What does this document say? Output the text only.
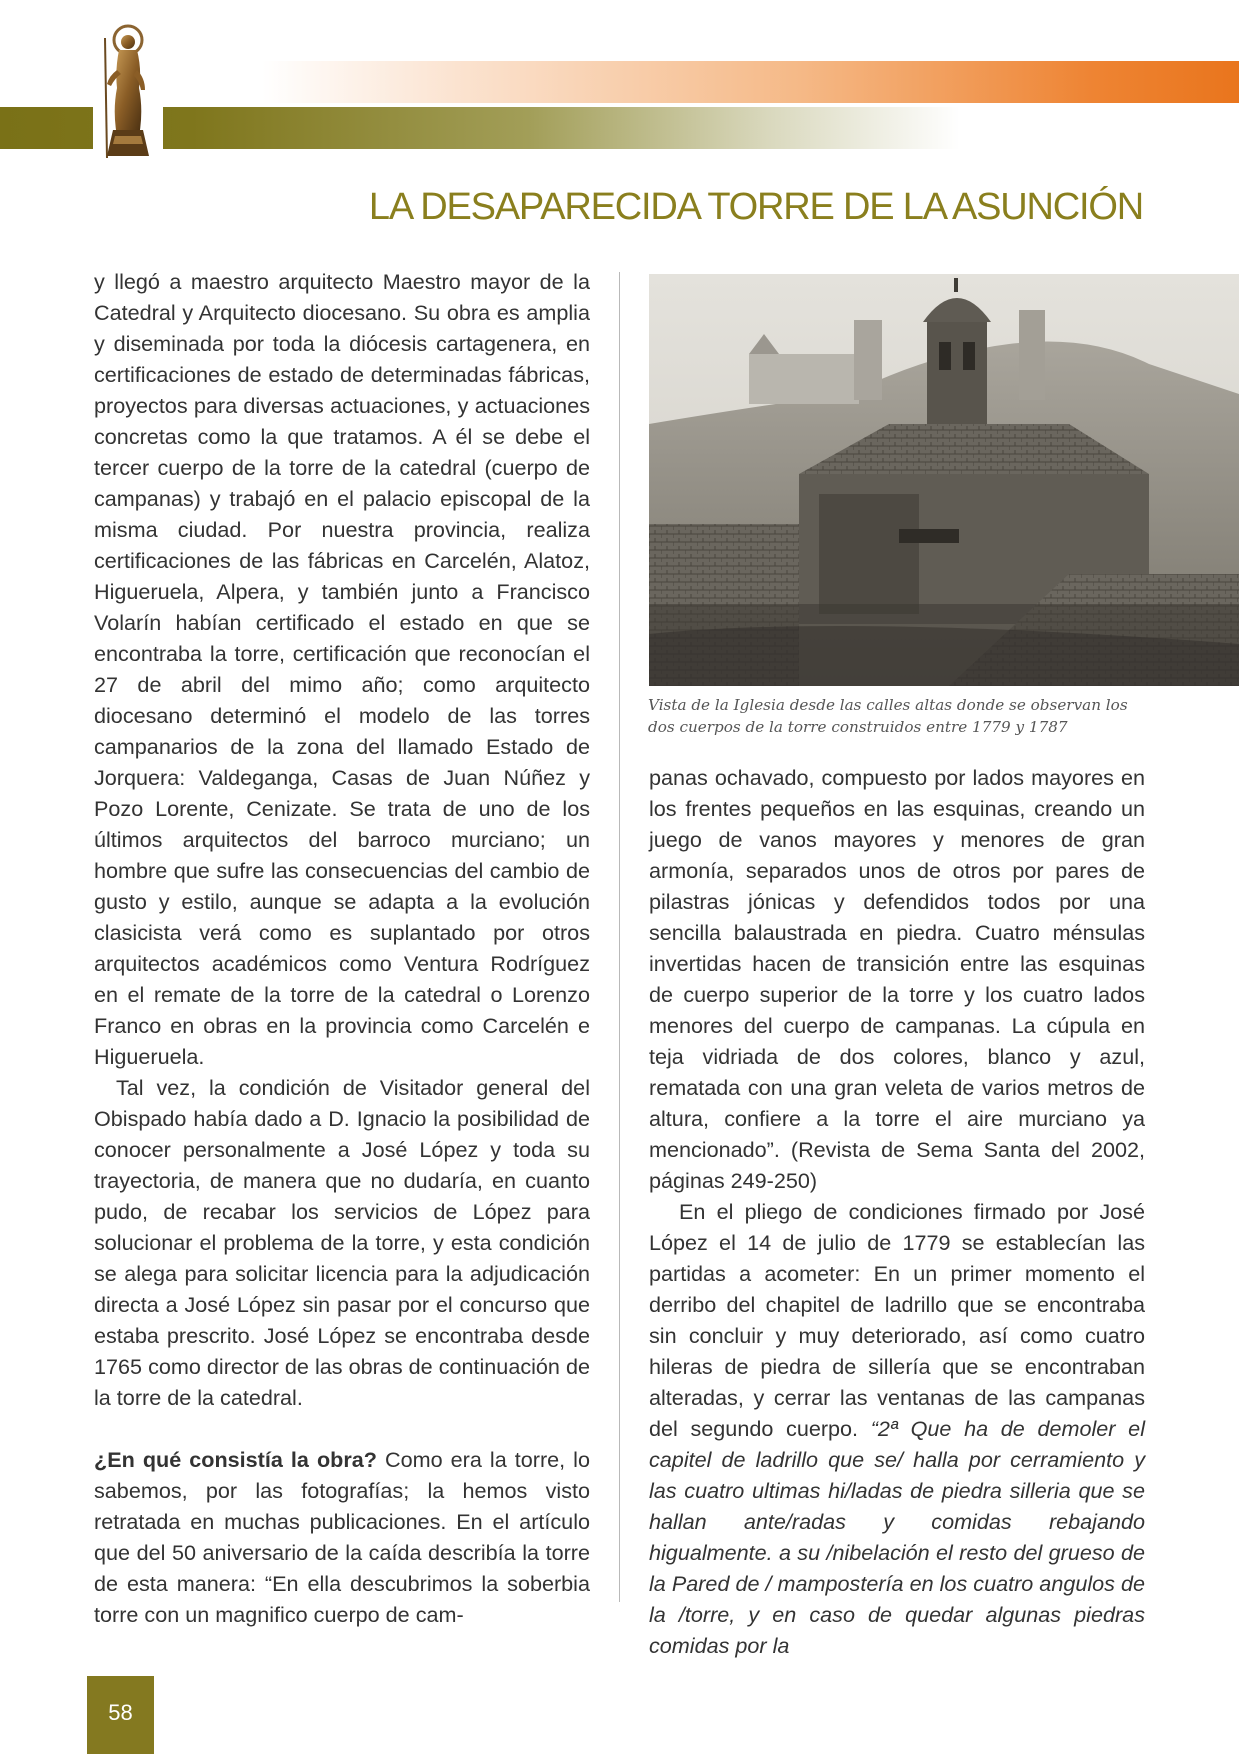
LA DESAPARECIDA TORRE DE LA ASUNCIÓN

y llegó a maestro arquitecto Maestro mayor de la Catedral y Arquitecto diocesano. Su obra es amplia y diseminada por toda la diócesis cartagenera, en certificaciones de estado de determinadas fábricas, proyectos para diversas actuaciones, y actuaciones concretas como la que tratamos. A él se debe el tercer cuerpo de la torre de la catedral (cuerpo de campanas) y trabajó en el palacio episcopal de la misma ciudad. Por nuestra provincia, realiza certificaciones de las fábricas en Carcelén, Alatoz, Higueruela, Alpera, y también junto a Francisco Volarín habían certificado el estado en que se encontraba la torre, certificación que reconocían el 27 de abril del mimo año; como arquitecto diocesano determinó el modelo de las torres campanarios de la zona del llamado Estado de Jorquera: Valdeganga, Casas de Juan Núñez y Pozo Lorente, Cenizate. Se trata de uno de los últimos arquitectos del barroco murciano; un hombre que sufre las consecuencias del cambio de gusto y estilo, aunque se adapta a la evolución clasicista verá como es suplantado por otros arquitectos académicos como Ventura Rodríguez en el remate de la torre de la catedral o Lorenzo Franco en obras en la provincia como Carcelén e Higueruela.

Tal vez, la condición de Visitador general del Obispado había dado a D. Ignacio la posibilidad de conocer personalmente a José López y toda su trayectoria, de manera que no dudaría, en cuanto pudo, de recabar los servicios de López para solucionar el problema de la torre, y esta condición se alega para solicitar licencia para la adjudicación directa a José López sin pasar por el concurso que estaba prescrito. José López se encontraba desde 1765 como director de las obras de continuación de la torre de la catedral.

¿En qué consistía la obra? Como era la torre, lo sabemos, por las fotografías; la hemos visto retratada en muchas publicaciones. En el artículo que del 50 aniversario de la caída describía la torre de esta manera: “En ella descubrimos la soberbia torre con un magnifico cuerpo de cam-

Vista de la Iglesia desde las calles altas donde se observan los

dos cuerpos de la torre construidos entre 1779 y 1787

panas ochavado, compuesto por lados mayores en los frentes pequeños en las esquinas, creando un juego de vanos mayores y menores de gran armonía, separados unos de otros por pares de pilastras jónicas y defendidos todos por una sencilla balaustrada en piedra. Cuatro ménsulas invertidas hacen de transición entre las esquinas de cuerpo superior de la torre y los cuatro lados menores del cuerpo de campanas. La cúpula en teja vidriada de dos colores, blanco y azul, rematada con una gran veleta de varios metros de altura, confiere a la torre el aire murciano ya mencionado”. (Revista de Sema Santa del 2002, páginas 249-250)

En el pliego de condiciones firmado por José López el 14 de julio de 1779 se establecían las partidas a acometer: En un primer momento el derribo del chapitel de ladrillo que se encontraba sin concluir y muy deteriorado, así como cuatro hileras de piedra de sillería que se encontraban alteradas, y cerrar las ventanas de las campanas del segundo cuerpo. “2ª Que ha de demoler el capitel de ladrillo que se/ halla por cerramiento y las cuatro ultimas hi/ladas de piedra silleria que se hallan ante/radas y comidas rebajando higualmente. a su /nibelación el resto del grueso de la Pared de / mampostería en los cuatro angulos de la /torre, y en caso de quedar algunas piedras comidas por la

58
